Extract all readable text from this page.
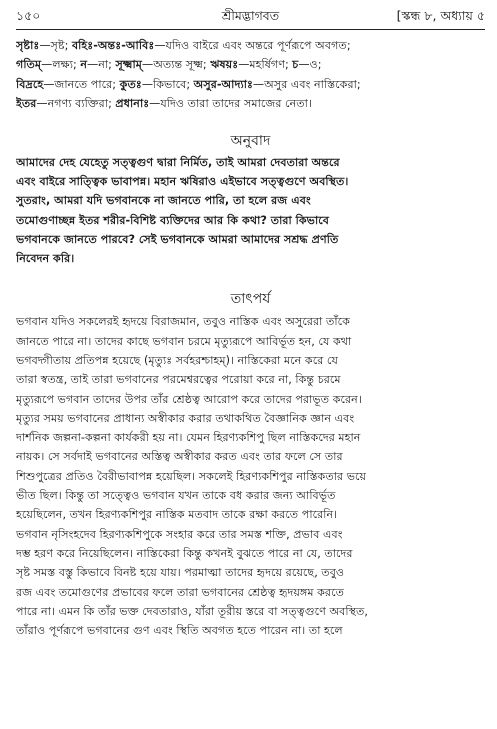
১৫০	শ্রীমদ্ভাগবত	[স্কন্ধ ৮, অধ্যায় ৫

সৃষ্টাঃ—সৃষ্ট; বহিঃ-অন্তঃ-আবিঃ—যদিও বাইরে এবং অন্তরে পূর্ণরূপে অবগত;

গতিম্—লক্ষ্য; ন—না; সূক্ষ্মাম্—অত্যন্ত সূক্ষ্ম; ঋষয়ঃ—মহর্ষিগণ; চ—ও;

বিদ্রহে—জানতে পারে; কুতঃ—কিভাবে; অসুর-আদ্যাঃ—অসুর এবং নাস্তিকেরা;

ইতর—নগণ্য ব্যক্তিরা; প্রধানাঃ—যদিও তারা তাদের সমাজের নেতা।

অনুবাদ

আমাদের দেহ যেহেতু সত্ত্বগুণ দ্বারা নির্মিত, তাই আমরা দেবতারা অন্তরে

এবং বাইরে সাত্ত্বিক ভাবাপন্ন। মহান ঋষিরাও এইভাবে সত্ত্বগুণে অবস্থিত।

সুতরাং, আমরা যদি ভগবানকে না জানতে পারি, তা হলে রজ এবং

তমোগুণাচ্ছন্ন ইতর শরীর-বিশিষ্ট ব্যক্তিদের আর কি কথা? তারা কিভাবে

ভগবানকে জানতে পারবে? সেই ভগবানকে আমরা আমাদের সশ্রদ্ধ প্রণতি

নিবেদন করি।

তাৎপর্য

ভগবান যদিও সকলেরই হৃদয়ে বিরাজমান, তবুও নাস্তিক এবং অসুরেরা তাঁকে

জানতে পারে না। তাদের কাছে ভগবান চরমে মৃত্যুরূপে আবির্ভূত হন, যে কথা

ভগবদ্গীতায় প্রতিপন্ন হয়েছে (মৃত্যুঃ সর্বহরশ্চাহম্)। নাস্তিকেরা মনে করে যে

তারা স্বতন্ত্র, তাই তারা ভগবানের পরমেশ্বরত্বের পরোয়া করে না, কিন্তু চরমে

মৃত্যুরূপে ভগবান তাদের উপর তাঁর শ্রেষ্ঠত্ব আরোপ করে তাদের পরাভূত করেন।

মৃত্যুর সময় ভগবানের প্রাধান্য অস্বীকার করার তথাকথিত বৈজ্ঞানিক জ্ঞান এবং

দার্শনিক জল্পনা-কল্পনা কার্যকরী হয় না। যেমন হিরণ্যকশিপু ছিল নাস্তিকদের মহান

নায়ক। সে সর্বদাই ভগবানের অস্তিত্ব অস্বীকার করত এবং তার ফলে সে তার

শিশুপুত্রের প্রতিও বৈরীভাবাপন্ন হয়েছিল। সকলেই হিরণ্যকশিপুর নাস্তিকতার ভয়ে

ভীত ছিল। কিন্তু তা সত্ত্বেও ভগবান যখন তাকে বধ করার জন্য আবির্ভূত

হয়েছিলেন, তখন হিরণ্যকশিপুর নাস্তিক মতবাদ তাকে রক্ষা করতে পারেনি।

ভগবান নৃসিংহদেব হিরণ্যকশিপুকে সংহার করে তার সমস্ত শক্তি, প্রভাব এবং

দম্ভ হরণ করে নিয়েছিলেন। নাস্তিকেরা কিন্তু কখনই বুঝতে পারে না যে, তাদের

সৃষ্ট সমস্ত বস্তু কিভাবে বিনষ্ট হয়ে যায়। পরমাত্মা তাদের হৃদয়ে রয়েছে, তবুও

রজ এবং তমোগুণের প্রভাবের ফলে তারা ভগবানের শ্রেষ্ঠত্ব হৃদয়ঙ্গম করতে

পারে না। এমন কি তাঁর ভক্ত দেবতারাও, যাঁরা তূরীয় স্তরে বা সত্ত্বগুণে অবস্থিত,

তাঁরাও পূর্ণরূপে ভগবানের গুণ এবং স্থিতি অবগত হতে পারেন না। তা হলে
